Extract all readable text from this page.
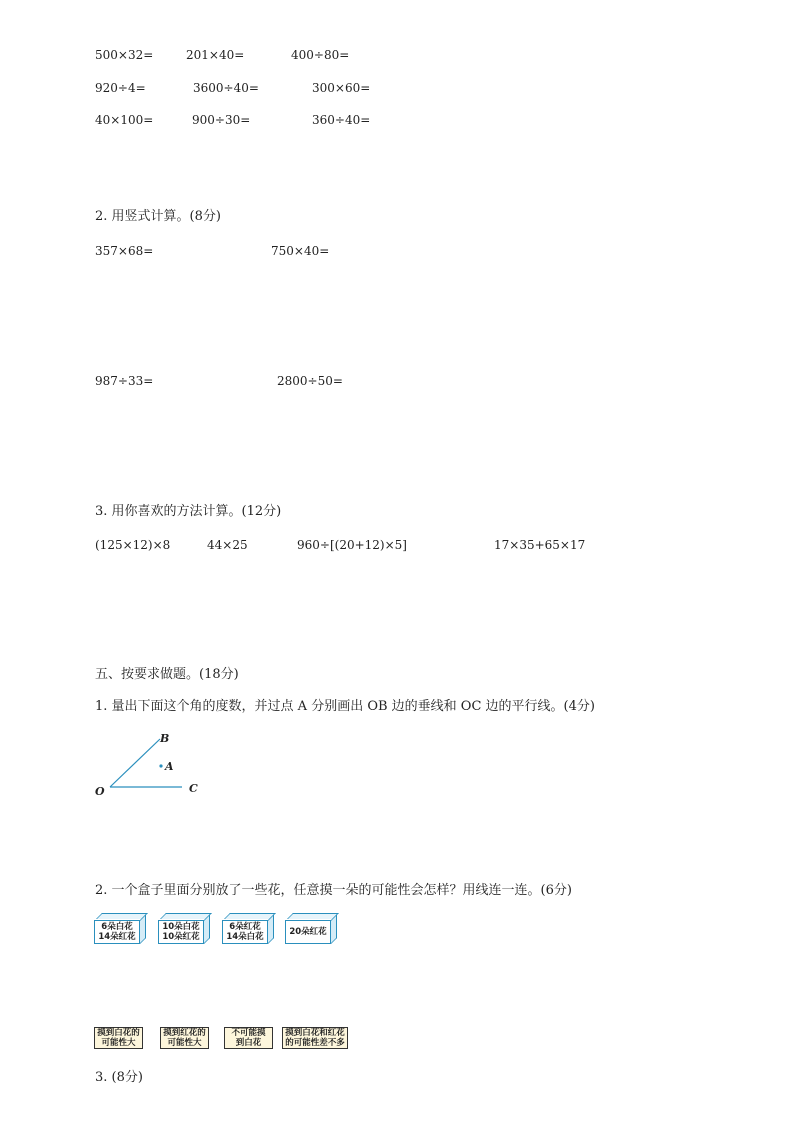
500×32=	201×40=	400÷80=
920÷4=	3600÷40=	300×60=
40×100=	900÷30=	360÷40=
2. 用竖式计算。(8分)
357×68=	750×40=
987÷33=	2800÷50=
3. 用你喜欢的方法计算。(12分)
(125×12)×8	44×25	960÷[(20+12)×5]	17×35+65×17
五、按要求做题。(18分)
1. 量出下面这个角的度数，并过点 A 分别画出 OB 边的垂线和 OC 边的平行线。(4分)
B
A
O	C
2. 一个盒子里面分别放了一些花，任意摸一朵的可能性会怎样？用线连一连。(6分)
6朵白花
14朵红花
10朵白花
10朵红花
6朵红花
14朵白花	20朵红花
摸到白花的
可能性大
摸到红花的
可能性大
不可能摸
到白花
摸到白花和红花
的可能性差不多
3. (8分)
